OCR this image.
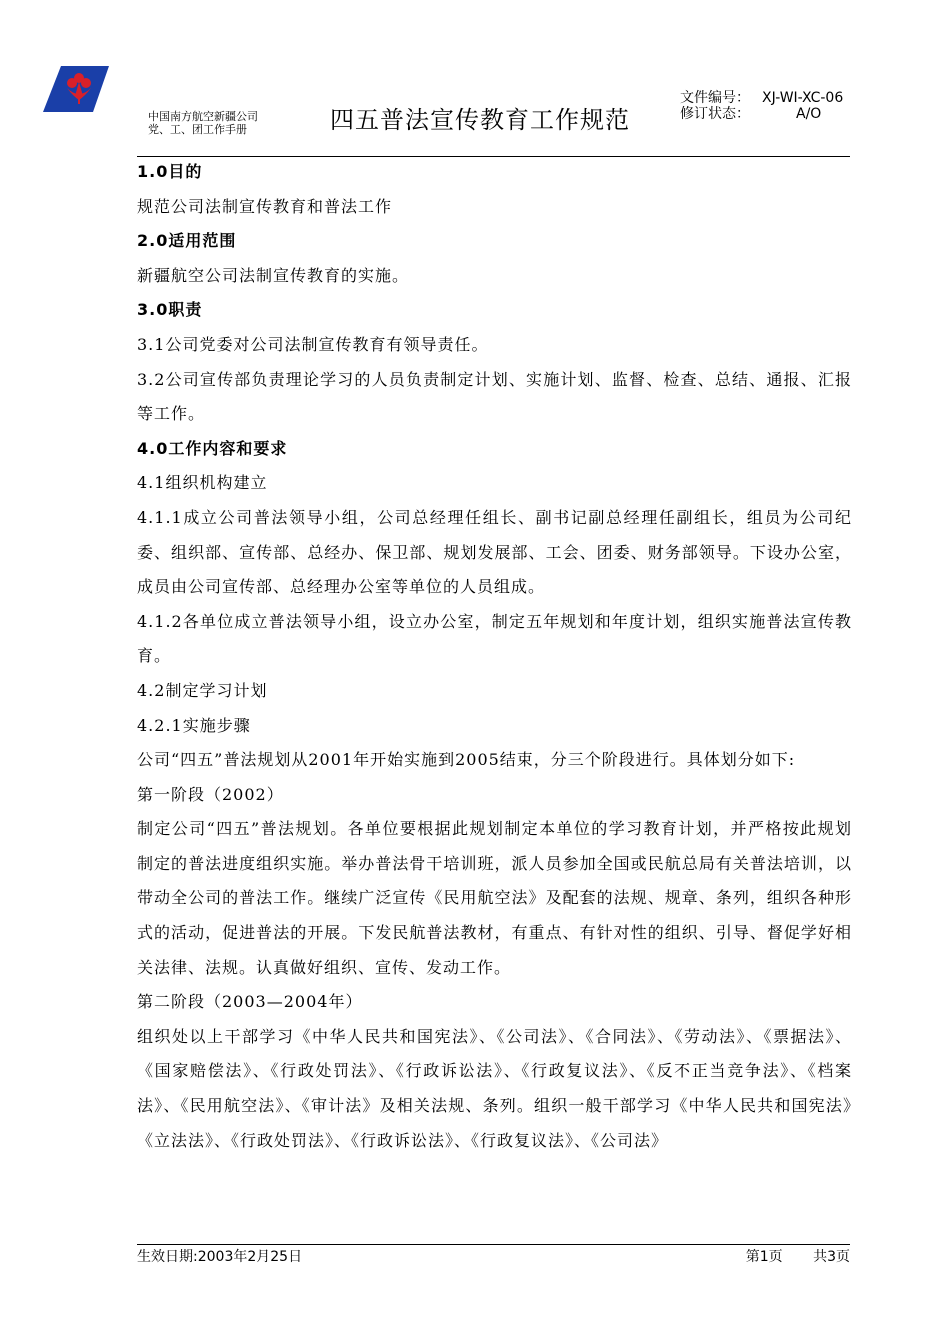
中国南方航空新疆公司
党、工、团工作手册	四五普法宣传教育工作规范
文件编号： XJ-WI-XC-06
修订状态：	A/O

1.0目的

规范公司法制宣传教育和普法工作

2.0适用范围

新疆航空公司法制宣传教育的实施。

3.0职责

3.1公司党委对公司法制宣传教育有领导责任。

3.2公司宣传部负责理论学习的人员负责制定计划、实施计划、监督、检查、总结、通报、汇报等工作。

4.0工作内容和要求

4.1组织机构建立

4.1.1成立公司普法领导小组，公司总经理任组长、副书记副总经理任副组长，组员为公司纪委、组织部、宣传部、总经办、保卫部、规划发展部、工会、团委、财务部领导。下设办公室，成员由公司宣传部、总经理办公室等单位的人员组成。

4.1.2各单位成立普法领导小组，设立办公室，制定五年规划和年度计划，组织实施普法宣传教育。

4.2制定学习计划

4.2.1实施步骤

公司“四五”普法规划从2001年开始实施到2005结束，分三个阶段进行。具体划分如下:

第一阶段（2002）

制定公司“四五”普法规划。各单位要根据此规划制定本单位的学习教育计划，并严格按此规划制定的普法进度组织实施。举办普法骨干培训班，派人员参加全国或民航总局有关普法培训，以带动全公司的普法工作。继续广泛宣传《民用航空法》及配套的法规、规章、条列，组织各种形式的活动，促进普法的开展。下发民航普法教材，有重点、有针对性的组织、引导、督促学好相关法律、法规。认真做好组织、宣传、发动工作。

第二阶段（2003—2004年）

组织处以上干部学习《中华人民共和国宪法》、《公司法》、《合同法》、《劳动法》、《票据法》、《国家赔偿法》、《行政处罚法》、《行政诉讼法》、《行政复议法》、《反不正当竞争法》、《档案法》、《民用航空法》、《审计法》及相关法规、条列。组织一般干部学习《中华人民共和国宪法》《立法法》、《行政处罚法》、《行政诉讼法》、《行政复议法》、《公司法》

生效日期:2003年2月25日	第1页 共3页
